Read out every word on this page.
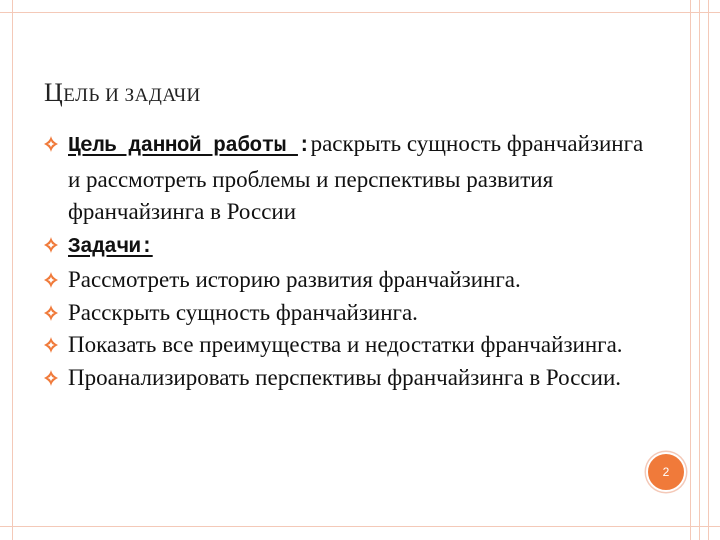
ЦЕЛЬ И ЗАДАЧИ
Цель данной работы :раскрыть сущность франчайзинга и рассмотреть проблемы и перспективы развития франчайзинга в России
Задачи:
Рассмотреть историю развития франчайзинга.
Расскрыть сущность франчайзинга.
Показать все преимущества и недостатки франчайзинга.
Проанализировать перспективы франчайзинга в России.
2
